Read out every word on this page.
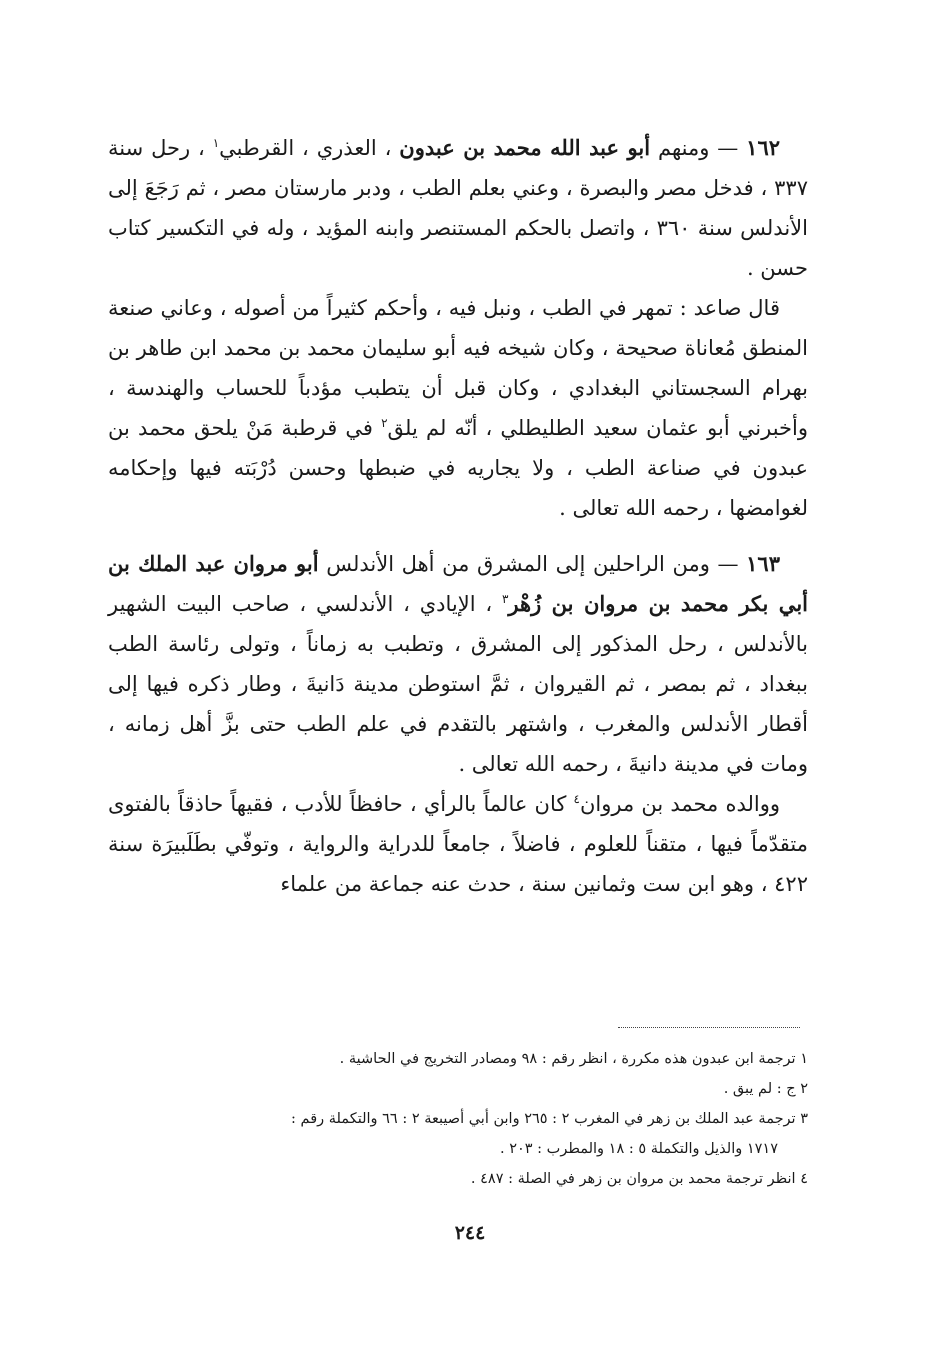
١٦٢ — ومنهم أبو عبد الله محمد بن عبدون ، العذري ، القرطبي$^١$ ، رحل سنة ٣٣٧ ، فدخل مصر والبصرة ، وعني بعلم الطب ، ودبر مارستان مصر ، ثم رَجَعَ إلى الأندلس سنة ٣٦٠ ، واتصل بالحكم المستنصر وابنه المؤيد ، وله في التكسير كتاب حسن .

قال صاعد : تمهر في الطب ، ونبل فيه ، وأحكم كثيراً من أصوله ، وعاني صنعة المنطق مُعاناة صحيحة ، وكان شيخه فيه أبو سليمان محمد بن محمد ابن طاهر بن بهرام السجستاني البغدادي ، وكان قبل أن يتطبب مؤدباً للحساب والهندسة ، وأخبرني أبو عثمان سعيد الطليطلي ، أنّه لم يلق$^٢$ في قرطبة مَنْ يلحق محمد بن عبدون في صناعة الطب ، ولا يجاريه في ضبطها وحسن دُرْبَته فيها وإحكامه لغوامضها ، رحمه الله تعالى .

١٦٣ — ومن الراحلين إلى المشرق من أهل الأندلس أبو مروان عبد الملك بن أبي بكر محمد بن مروان بن زُهْر$^٣$ ، الإيادي ، الأندلسي ، صاحب البيت الشهير بالأندلس ، رحل المذكور إلى المشرق ، وتطبب به زماناً ، وتولى رئاسة الطب ببغداد ، ثم بمصر ، ثم القيروان ، ثمَّ استوطن مدينة دَانيةَ ، وطار ذكره فيها إلى أقطار الأندلس والمغرب ، واشتهر بالتقدم في علم الطب حتى بزَّ أهل زمانه ، ومات في مدينة دانيةَ ، رحمه الله تعالى .

ووالده محمد بن مروان$^٤$ كان عالماً بالرأي ، حافظاً للأدب ، فقيهاً حاذقاً بالفتوى متقدّماً فيها ، متقناً للعلوم ، فاضلاً ، جامعاً للدراية والرواية ، وتوفّي بطَلَبيرَة سنة ٤٢٢ ، وهو ابن ست وثمانين سنة ، حدث عنه جماعة من علماء

١ ترجمة ابن عبدون هذه مكررة ، انظر رقم : ٩٨ ومصادر التخريج في الحاشية .

٢ ج : لم يبق .

٣ ترجمة عبد الملك بن زهر في المغرب ٢ : ٢٦٥ وابن أبي أصيبعة ٢ : ٦٦ والتكملة رقم :

١٧١٧ والذيل والتكملة ٥ : ١٨ والمطرب : ٢٠٣ .

٤ انظر ترجمة محمد بن مروان بن زهر في الصلة : ٤٨٧ .

٢٤٤
